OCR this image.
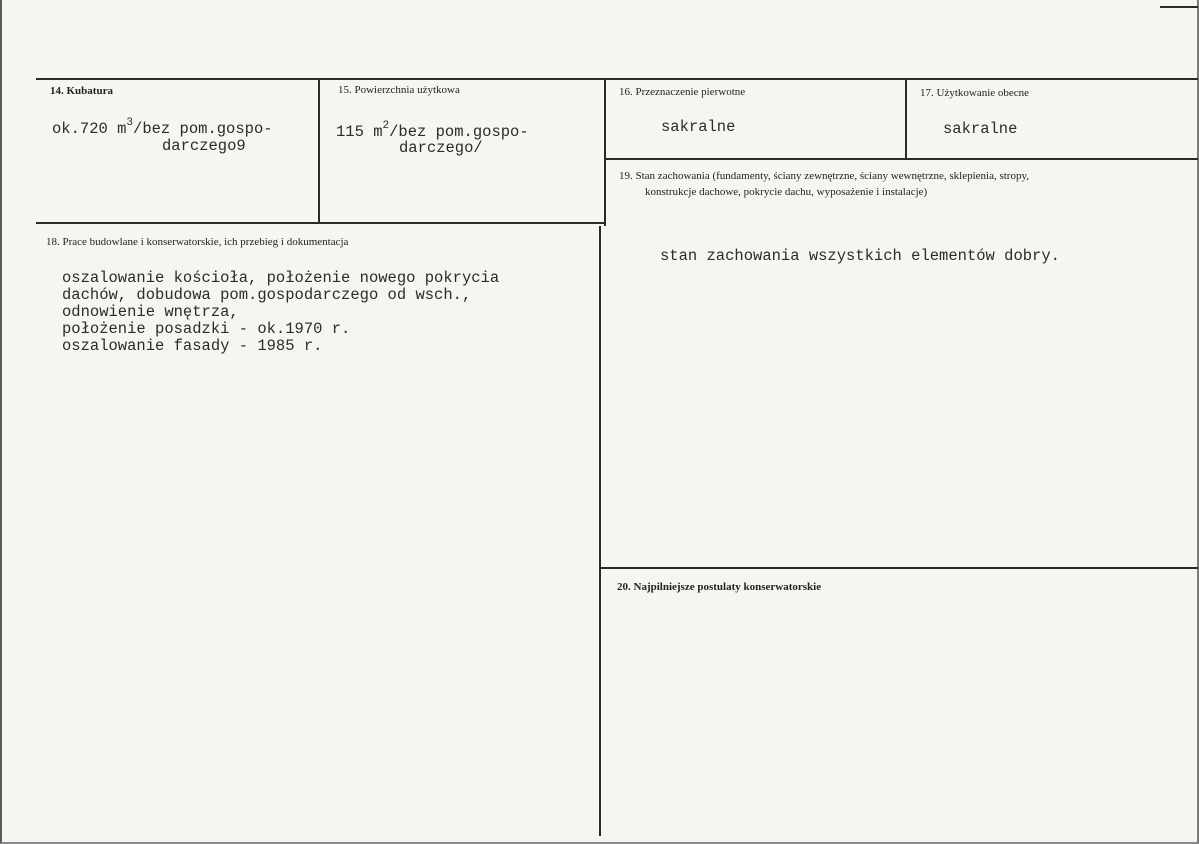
14. Kubatura
ok.720 $m^3$/bez pom.gospo-
darczego9
15. Powierzchnia użytkowa
115 $m^2$/bez pom.gospo-
darczego/
16. Przeznaczenie pierwotne
sakralne
17. Użytkowanie obecne
sakralne
18. Prace budowlane i konserwatorskie, ich przebieg i dokumentacja
oszalowanie kościoła, położenie nowego pokrycia
dachów, dobudowa pom.gospodarczego od wsch.,
odnowienie wnętrza,
położenie posadzki - ok.1970 r.
oszalowanie fasady - 1985 r.
19. Stan zachowania (fundamenty, ściany zewnętrzne, ściany wewnętrzne, sklepienia, stropy,
konstrukcje dachowe, pokrycie dachu, wyposażenie i instalacje)
stan zachowania wszystkich elementów dobry.
20. Najpilniejsze postulaty konserwatorskie
